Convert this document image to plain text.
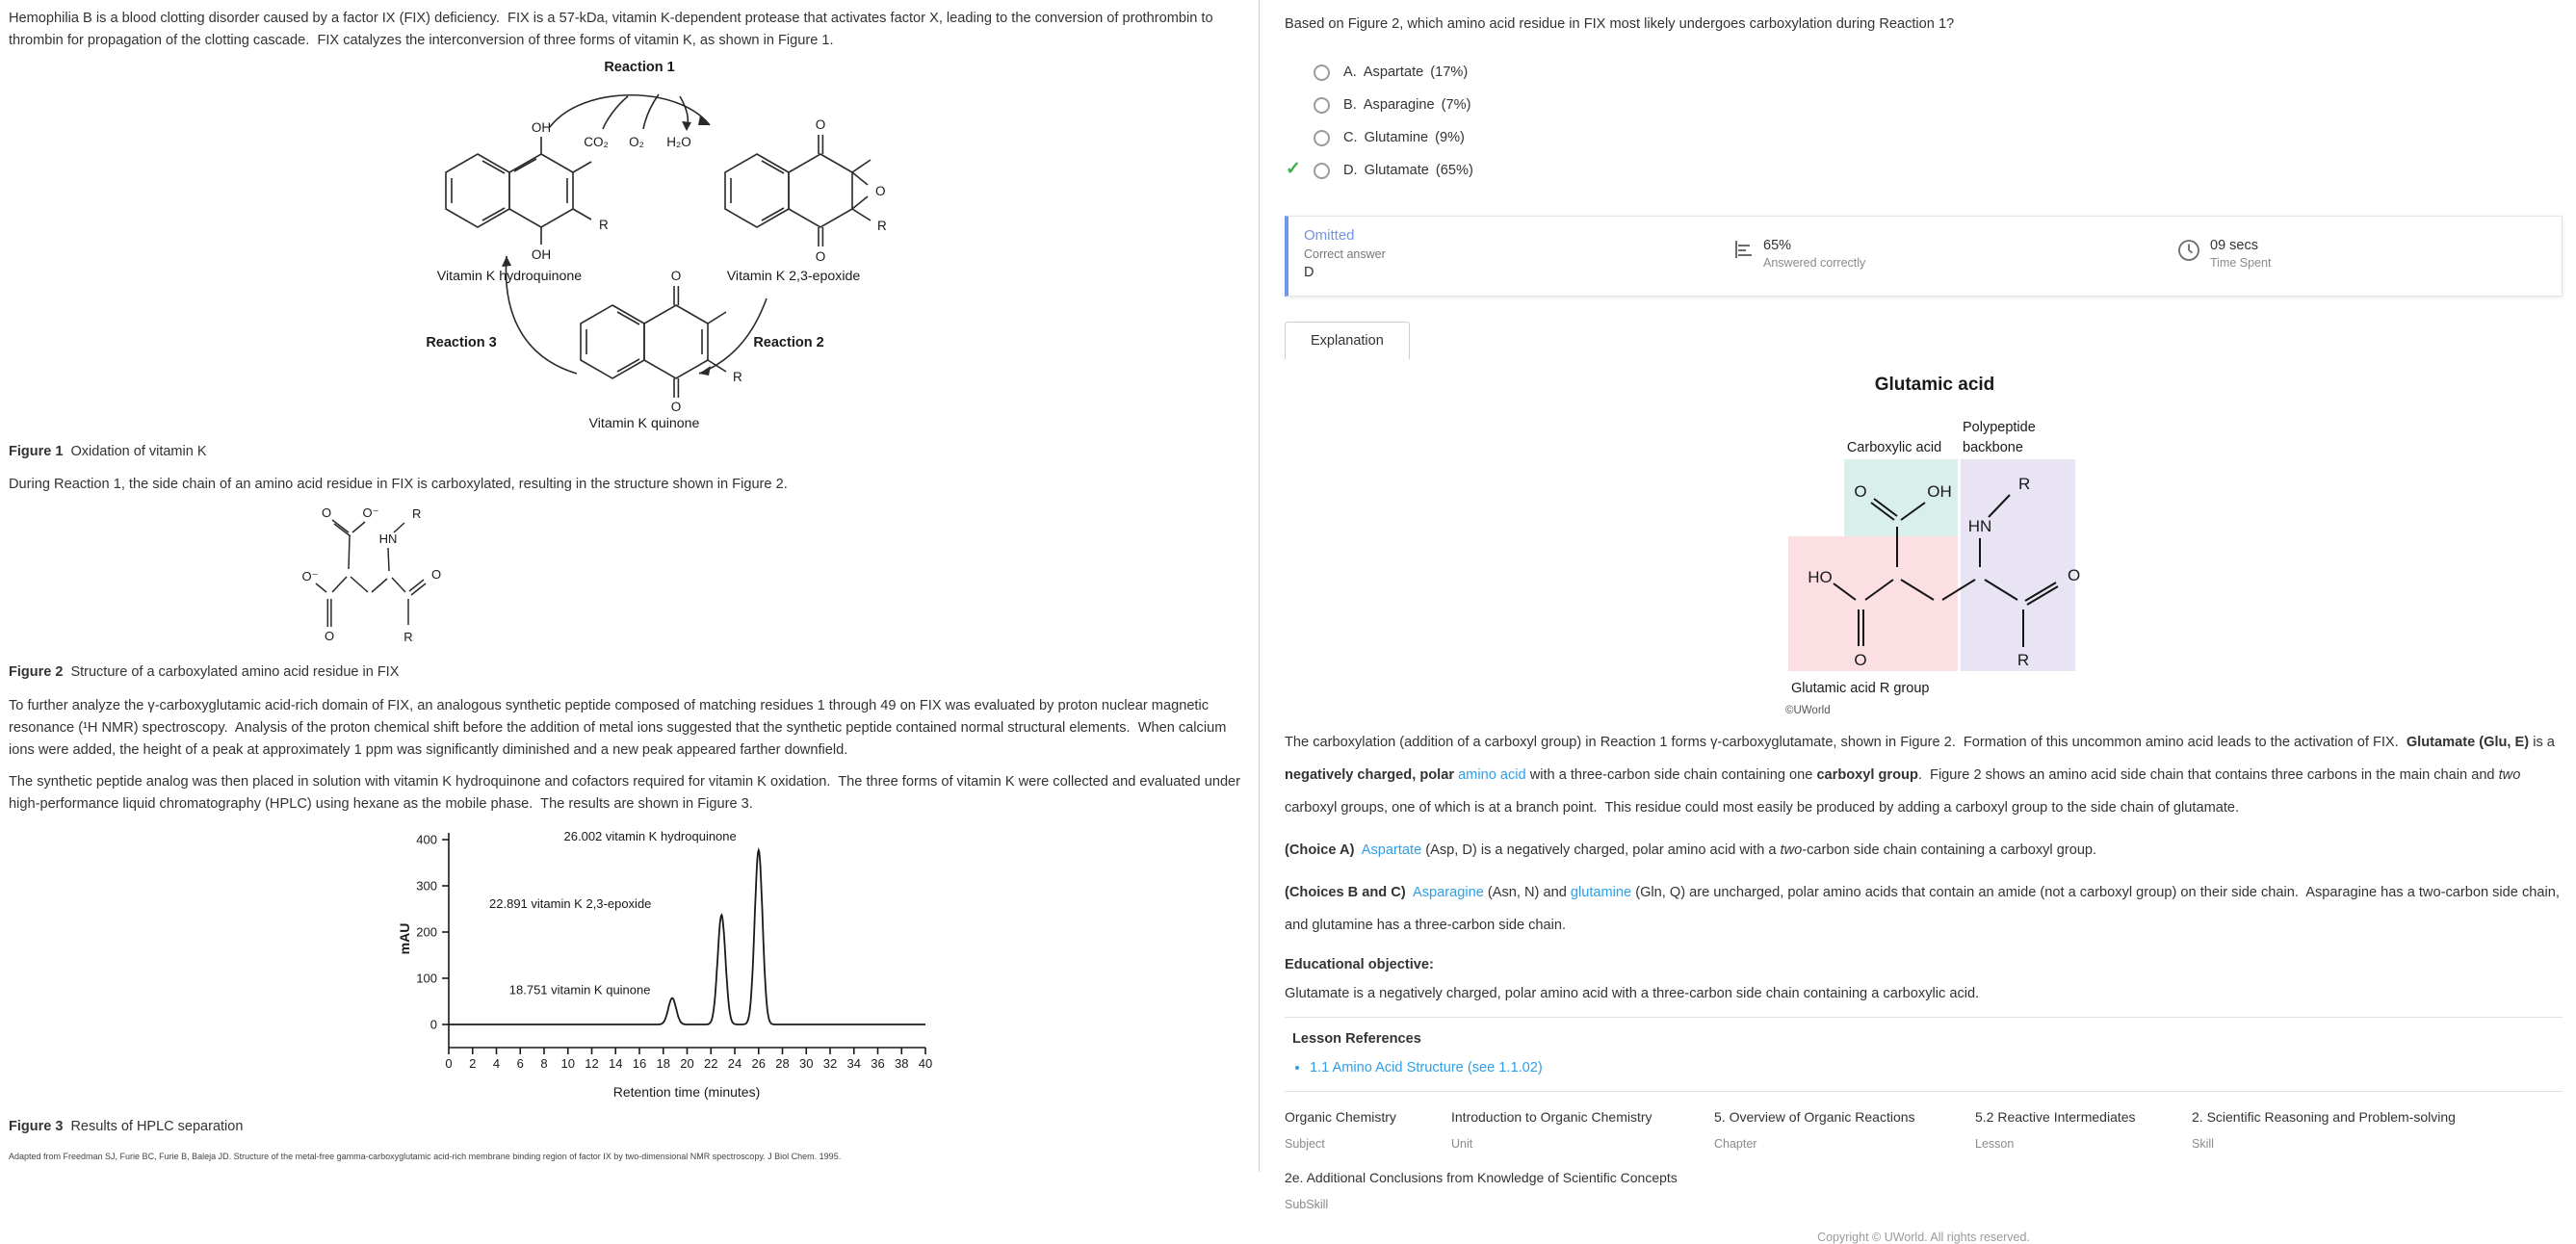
Hemophilia B is a blood clotting disorder caused by a factor IX (FIX) deficiency.  FIX is a 57-kDa, vitamin K-dependent protease that activates factor X, leading to the conversion of prothrombin to thrombin for propagation of the clotting cascade.  FIX catalyzes the interconversion of three forms of vitamin K, as shown in Figure 1.

Reaction 1
CO₂ O₂ H₂O
OH
OH
R
Vitamin K hydroquinone
O
O
O
R
Vitamin K 2,3-epoxide
Reaction 3	Reaction 2
O
O
R
Vitamin K quinone

Figure 1  Oxidation of vitamin K

During Reaction 1, the side chain of an amino acid residue in FIX is carboxylated, resulting in the structure shown in Figure 2.

O O⁻
O⁻
O
HN
R
O
R

Figure 2  Structure of a carboxylated amino acid residue in FIX

To further analyze the γ-carboxyglutamic acid-rich domain of FIX, an analogous synthetic peptide composed of matching residues 1 through 49 on FIX was evaluated by proton nuclear magnetic resonance (¹H NMR) spectroscopy.  Analysis of the proton chemical shift before the addition of metal ions suggested that the synthetic peptide contained normal structural elements.  When calcium ions were added, the height of a peak at approximately 1 ppm was significantly diminished and a new peak appeared farther downfield.

The synthetic peptide analog was then placed in solution with vitamin K hydroquinone and cofactors required for vitamin K oxidation.  The three forms of vitamin K were collected and evaluated under high-performance liquid chromatography (HPLC) using hexane as the mobile phase.  The results are shown in Figure 3.

0
100
200
300
400
0 2 4 6 8 10 12 14 16 18 20 22 24 26 28 30 32 34 36 38 40
18.751 vitamin K quinone
22.891 vitamin K 2,3-epoxide
26.002 vitamin K hydroquinone
mAU
Retention time (minutes)

Figure 3  Results of HPLC separation

Adapted from Freedman SJ, Furie BC, Furie B, Baleja JD. Structure of the metal-free gamma-carboxyglutamic acid-rich membrane binding region of factor IX by two-dimensional NMR spectroscopy. J Biol Chem. 1995.

Based on Figure 2, which amino acid residue in FIX most likely undergoes carboxylation during Reaction 1?
A. Aspartate (17%)
B. Asparagine (7%)
C. Glutamine (9%)
✓	D. Glutamate (65%)
Omitted
Correct answer
D
65%
Answered correctly
09 secs
Time Spent
Explanation
Glutamic acid
Carboxylic acid
Polypeptide
backbone
O	OH
HO
O
HN
R
O
R
Glutamic acid R group
©UWorld

The carboxylation (addition of a carboxyl group) in Reaction 1 forms γ-carboxyglutamate, shown in Figure 2.  Formation of this uncommon amino acid leads to the activation of FIX.  Glutamate (Glu, E) is a negatively charged, polar amino acid with a three-carbon side chain containing one carboxyl group.  Figure 2 shows an amino acid side chain that contains three carbons in the main chain and two carboxyl groups, one of which is at a branch point.  This residue could most easily be produced by adding a carboxyl group to the side chain of glutamate.

(Choice A) Aspartate (Asp, D) is a negatively charged, polar amino acid with a two-carbon side chain containing a carboxyl group.

(Choices B and C) Asparagine (Asn, N) and glutamine (Gln, Q) are uncharged, polar amino acids that contain an amide (not a carboxyl group) on their side chain.  Asparagine has a two-carbon side chain, and glutamine has a three-carbon side chain.

Educational objective:
Glutamate is a negatively charged, polar amino acid with a three-carbon side chain containing a carboxylic acid.
Lesson References
• 1.1 Amino Acid Structure (see 1.1.02)
Organic Chemistry
Subject
Introduction to Organic Chemistry
Unit
5. Overview of Organic Reactions
Chapter
5.2 Reactive Intermediates
Lesson
2. Scientific Reasoning and Problem-solving
Skill
2e. Additional Conclusions from Knowledge of Scientific Concepts
SubSkill
Copyright © UWorld. All rights reserved.
